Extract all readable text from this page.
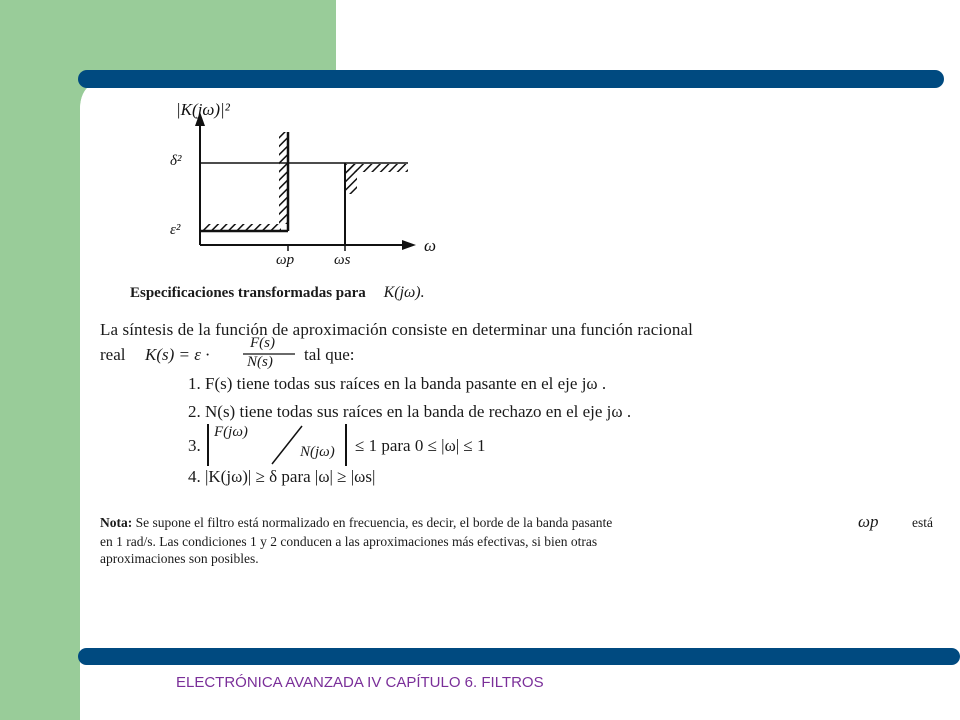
|K(jω)|²
δ²
ε²
ω
ωp	ωs
Especificaciones transformadas para K(jω).
La síntesis de la función de aproximación consiste en determinar una función racional
real K(s) = ε ·
F(s)
N(s) tal que:
1. F(s) tiene todas sus raíces en la banda pasante en el eje jω .
2. N(s) tiene todas sus raíces en la banda de rechazo en el eje jω .
3.
F(jω)
N(jω) ≤ 1 para 0 ≤ |ω| ≤ 1
4. |K(jω)| ≥ δ para |ω| ≥ |ωs|
Nota: Se supone el filtro está normalizado en frecuencia, es decir, el borde de la banda pasante	ωp está
en 1 rad/s. Las condiciones 1 y 2 conducen a las aproximaciones más efectivas, si bien otras
aproximaciones son posibles.
ELECTRÓNICA AVANZADA IV CAPÍTULO 6. FILTROS
